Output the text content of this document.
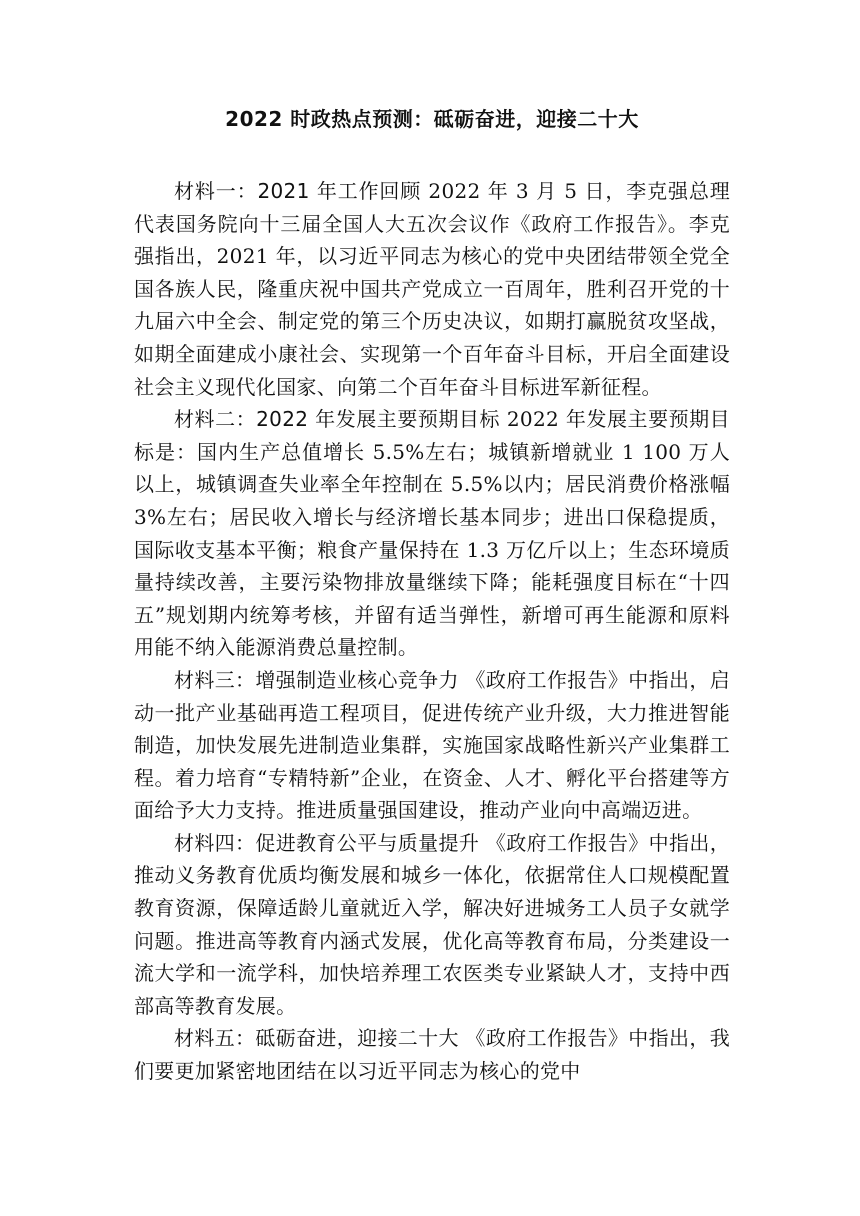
2022 时政热点预测：砥砺奋进，迎接二十大

材料一：2021 年工作回顾 2022 年 3 月 5 日，李克强总理代表国务院向十三届全国人大五次会议作《政府工作报告》。李克强指出，2021 年，以习近平同志为核心的党中央团结带领全党全国各族人民，隆重庆祝中国共产党成立一百周年，胜利召开党的十九届六中全会、制定党的第三个历史决议，如期打赢脱贫攻坚战，如期全面建成小康社会、实现第一个百年奋斗目标，开启全面建设社会主义现代化国家、向第二个百年奋斗目标进军新征程。

材料二：2022 年发展主要预期目标 2022 年发展主要预期目标是：国内生产总值增长 5.5%左右；城镇新增就业 1 100 万人以上，城镇调查失业率全年控制在 5.5%以内；居民消费价格涨幅 3%左右；居民收入增长与经济增长基本同步；进出口保稳提质，国际收支基本平衡；粮食产量保持在 1.3 万亿斤以上；生态环境质量持续改善，主要污染物排放量继续下降；能耗强度目标在“十四五”规划期内统筹考核，并留有适当弹性，新增可再生能源和原料用能不纳入能源消费总量控制。

材料三：增强制造业核心竞争力 《政府工作报告》中指出，启动一批产业基础再造工程项目，促进传统产业升级，大力推进智能制造，加快发展先进制造业集群，实施国家战略性新兴产业集群工程。着力培育“专精特新”企业，在资金、人才、孵化平台搭建等方面给予大力支持。推进质量强国建设，推动产业向中高端迈进。

材料四：促进教育公平与质量提升 《政府工作报告》中指出，推动义务教育优质均衡发展和城乡一体化，依据常住人口规模配置教育资源，保障适龄儿童就近入学，解决好进城务工人员子女就学问题。推进高等教育内涵式发展，优化高等教育布局，分类建设一流大学和一流学科，加快培养理工农医类专业紧缺人才，支持中西部高等教育发展。

材料五：砥砺奋进，迎接二十大 《政府工作报告》中指出，我们要更加紧密地团结在以习近平同志为核心的党中
